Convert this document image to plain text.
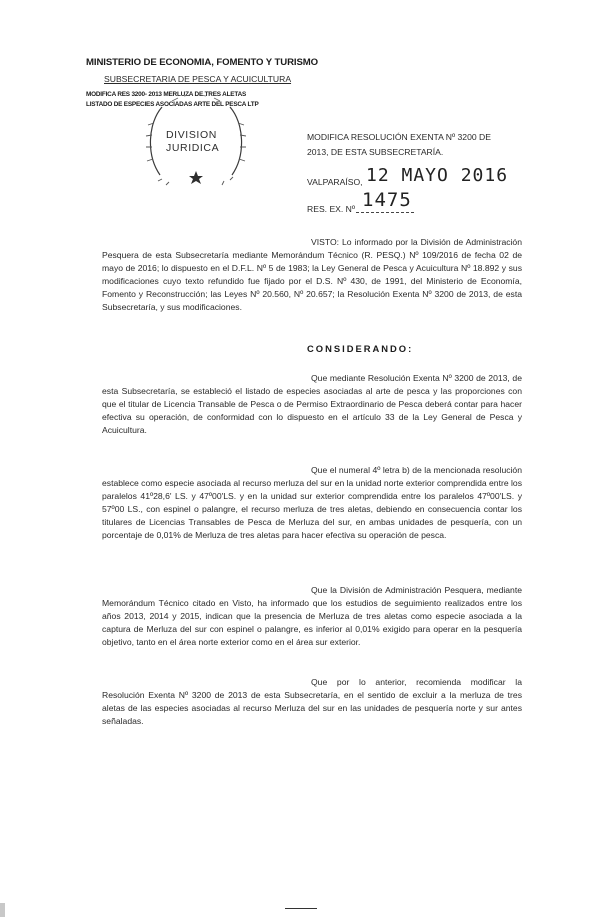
MINISTERIO DE ECONOMIA, FOMENTO Y TURISMO
SUBSECRETARIA DE PESCA Y ACUICULTURA
MODIFICA RES 3200- 2013 MERLUZA DE TRES ALETAS
LISTADO DE ESPECIES ASOCIADAS ARTE DEL PESCA LTP
DIVISION
JURIDICA
MODIFICA RESOLUCIÓN EXENTA Nº 3200 DE
2013, DE ESTA SUBSECRETARÍA.
VALPARAÍSO, 12 MAYO 2016
RES. EX. Nº 1475

VISTO: Lo informado por la División de Administración Pesquera de esta Subsecretaría mediante Memorándum Técnico (R. PESQ.) Nº 109/2016 de fecha 02 de mayo de 2016; lo dispuesto en el D.F.L. Nº 5 de 1983; la Ley General de Pesca y Acuicultura Nº 18.892 y sus modificaciones cuyo texto refundido fue fijado por el D.S. Nº 430, de 1991, del Ministerio de Economía, Fomento y Reconstrucción; las Leyes Nº 20.560, Nº 20.657; la Resolución Exenta Nº 3200 de 2013, de esta Subsecretaría, y sus modificaciones.

CONSIDERANDO:

Que mediante Resolución Exenta Nº 3200 de 2013, de esta Subsecretaría, se estableció el listado de especies asociadas al arte de pesca y las proporciones con que el titular de Licencia Transable de Pesca o de Permiso Extraordinario de Pesca deberá contar para hacer efectiva su operación, de conformidad con lo dispuesto en el artículo 33 de la Ley General de Pesca y Acuicultura.

Que el numeral 4º letra b) de la mencionada resolución establece como especie asociada al recurso merluza del sur en la unidad norte exterior comprendida entre los paralelos 41º28,6' LS. y 47º00'LS. y en la unidad sur exterior comprendida entre los paralelos 47º00'LS. y 57º00 LS., con espinel o palangre, el recurso merluza de tres aletas, debiendo en consecuencia contar los titulares de Licencias Transables de Pesca de Merluza del sur, en ambas unidades de pesquería, con un porcentaje de 0,01% de Merluza de tres aletas para hacer efectiva su operación de pesca.

Que la División de Administración Pesquera, mediante Memorándum Técnico citado en Visto, ha informado que los estudios de seguimiento realizados entre los años 2013, 2014 y 2015, indican que la presencia de Merluza de tres aletas como especie asociada a la captura de Merluza del sur con espinel o palangre, es inferior al 0,01% exigido para operar en la pesquería objetivo, tanto en el área norte exterior como en el área sur exterior.

Que por lo anterior, recomienda modificar la Resolución Exenta Nº 3200 de 2013 de esta Subsecretaría, en el sentido de excluir a la merluza de tres aletas de las especies asociadas al recurso Merluza del sur en las unidades de pesquería norte y sur antes señaladas.
